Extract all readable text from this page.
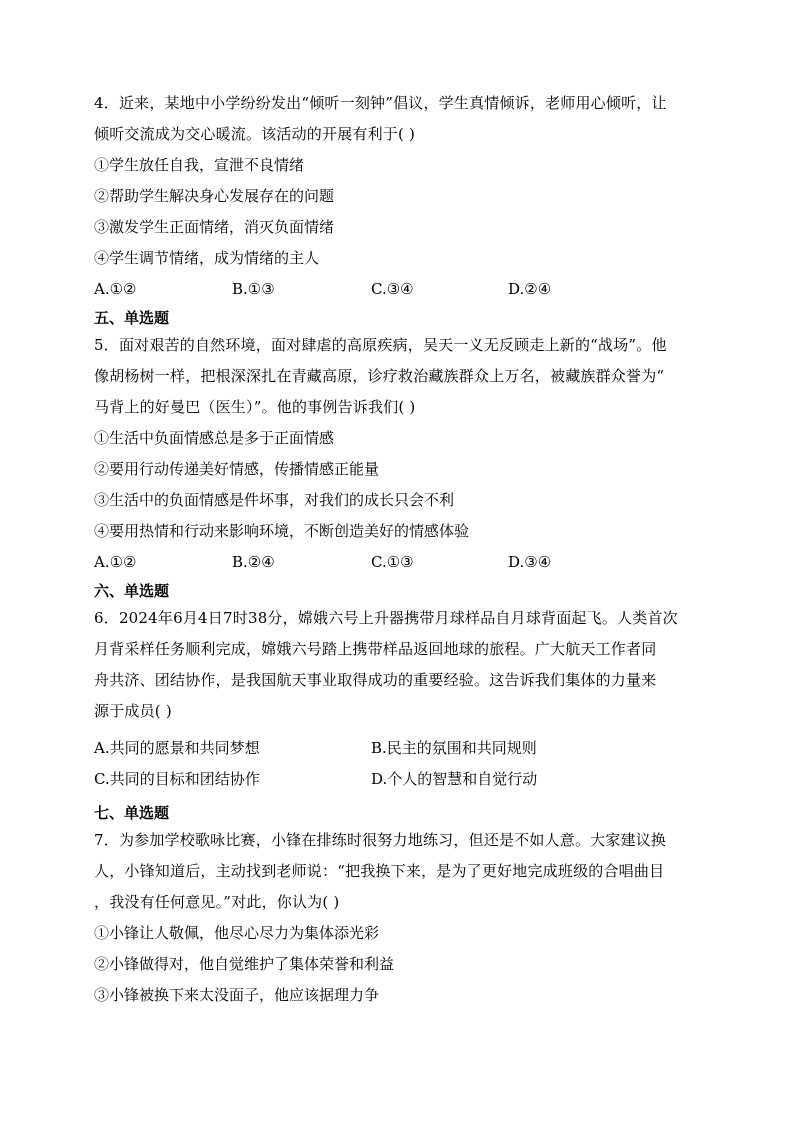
4．近来，某地中小学纷纷发出“倾听一刻钟”倡议，学生真情倾诉，老师用心倾听，让

倾听交流成为交心暖流。该活动的开展有利于( )

①学生放任自我，宣泄不良情绪

②帮助学生解决身心发展存在的问题

③激发学生正面情绪，消灭负面情绪

④学生调节情绪，成为情绪的主人

A.①②	B.①③	C.③④	D.②④

五、单选题

5．面对艰苦的自然环境，面对肆虐的高原疾病，吴天一义无反顾走上新的“战场”。他

像胡杨树一样，把根深深扎在青藏高原，诊疗救治藏族群众上万名，被藏族群众誉为“

马背上的好曼巴（医生）”。他的事例告诉我们( )

①生活中负面情感总是多于正面情感

②要用行动传递美好情感，传播情感正能量

③生活中的负面情感是件坏事，对我们的成长只会不利

④要用热情和行动来影响环境，不断创造美好的情感体验

A.①②	B.②④	C.①③	D.③④

六、单选题

6．2024年6月4日7时38分，嫦娥六号上升器携带月球样品自月球背面起飞。人类首次

月背采样任务顺利完成，嫦娥六号踏上携带样品返回地球的旅程。广大航天工作者同

舟共济、团结协作，是我国航天事业取得成功的重要经验。这告诉我们集体的力量来

源于成员( )

A.共同的愿景和共同梦想	B.民主的氛围和共同规则
C.共同的目标和团结协作	D.个人的智慧和自觉行动

七、单选题

7．为参加学校歌咏比赛，小锋在排练时很努力地练习，但还是不如人意。大家建议换

人，小锋知道后，主动找到老师说：“把我换下来，是为了更好地完成班级的合唱曲目

，我没有任何意见。”对此，你认为( )

①小锋让人敬佩，他尽心尽力为集体添光彩

②小锋做得对，他自觉维护了集体荣誉和利益

③小锋被换下来太没面子，他应该据理力争
